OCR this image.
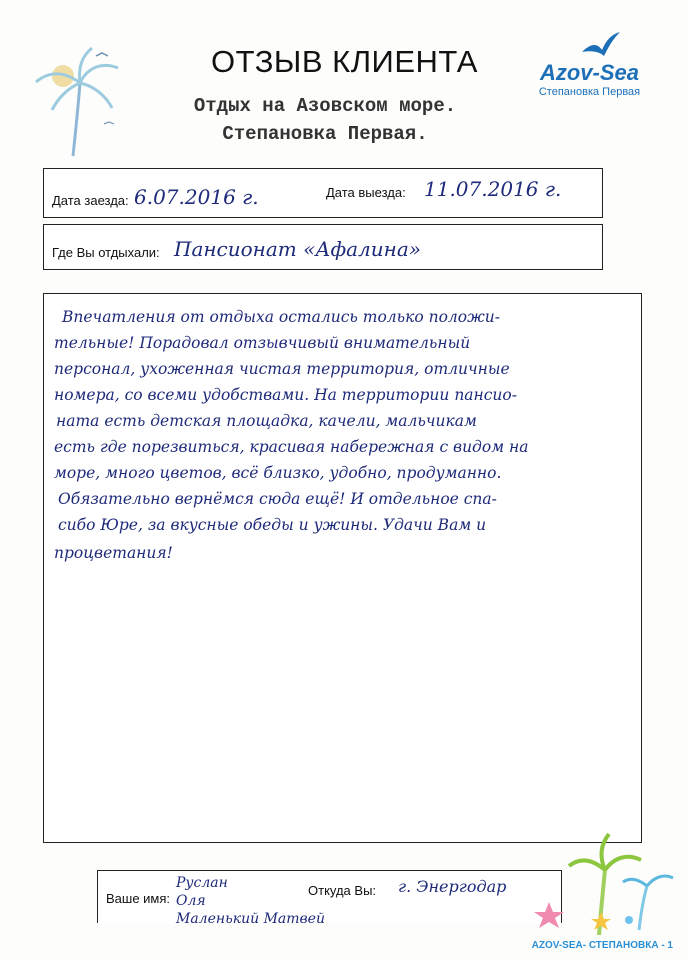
ОТЗЫВ КЛИЕНТА
Отдых на Азовском море.
Степановка Первая.
Azov-Sea
Степановка Первая
Дата заезда: 6.07.2016 г.	Дата выезда: 11.07.2016 г.
Где Вы отдыхали: Пансионат «Афалина»
Впечатления от отдыха остались только положи-
тельные! Порадовал отзывчивый внимательный
персонал, ухоженная чистая территория, отличные
номера, со всеми удобствами. На территории пансио-
ната есть детская площадка, качели, мальчикам
есть где порезвиться, красивая набережная с видом на
море, много цветов, всё близко, удобно, продуманно.
Обязательно вернёмся сюда ещё! И отдельное спа-
сибо Юре, за вкусные обеды и ужины. Удачи Вам и
процветания!
Ваше имя:
Руслан
Оля
Маленький Матвей
Откуда Вы: г. Энергодар
AZOV-SEA- СТЕПАНОВКА - 1
